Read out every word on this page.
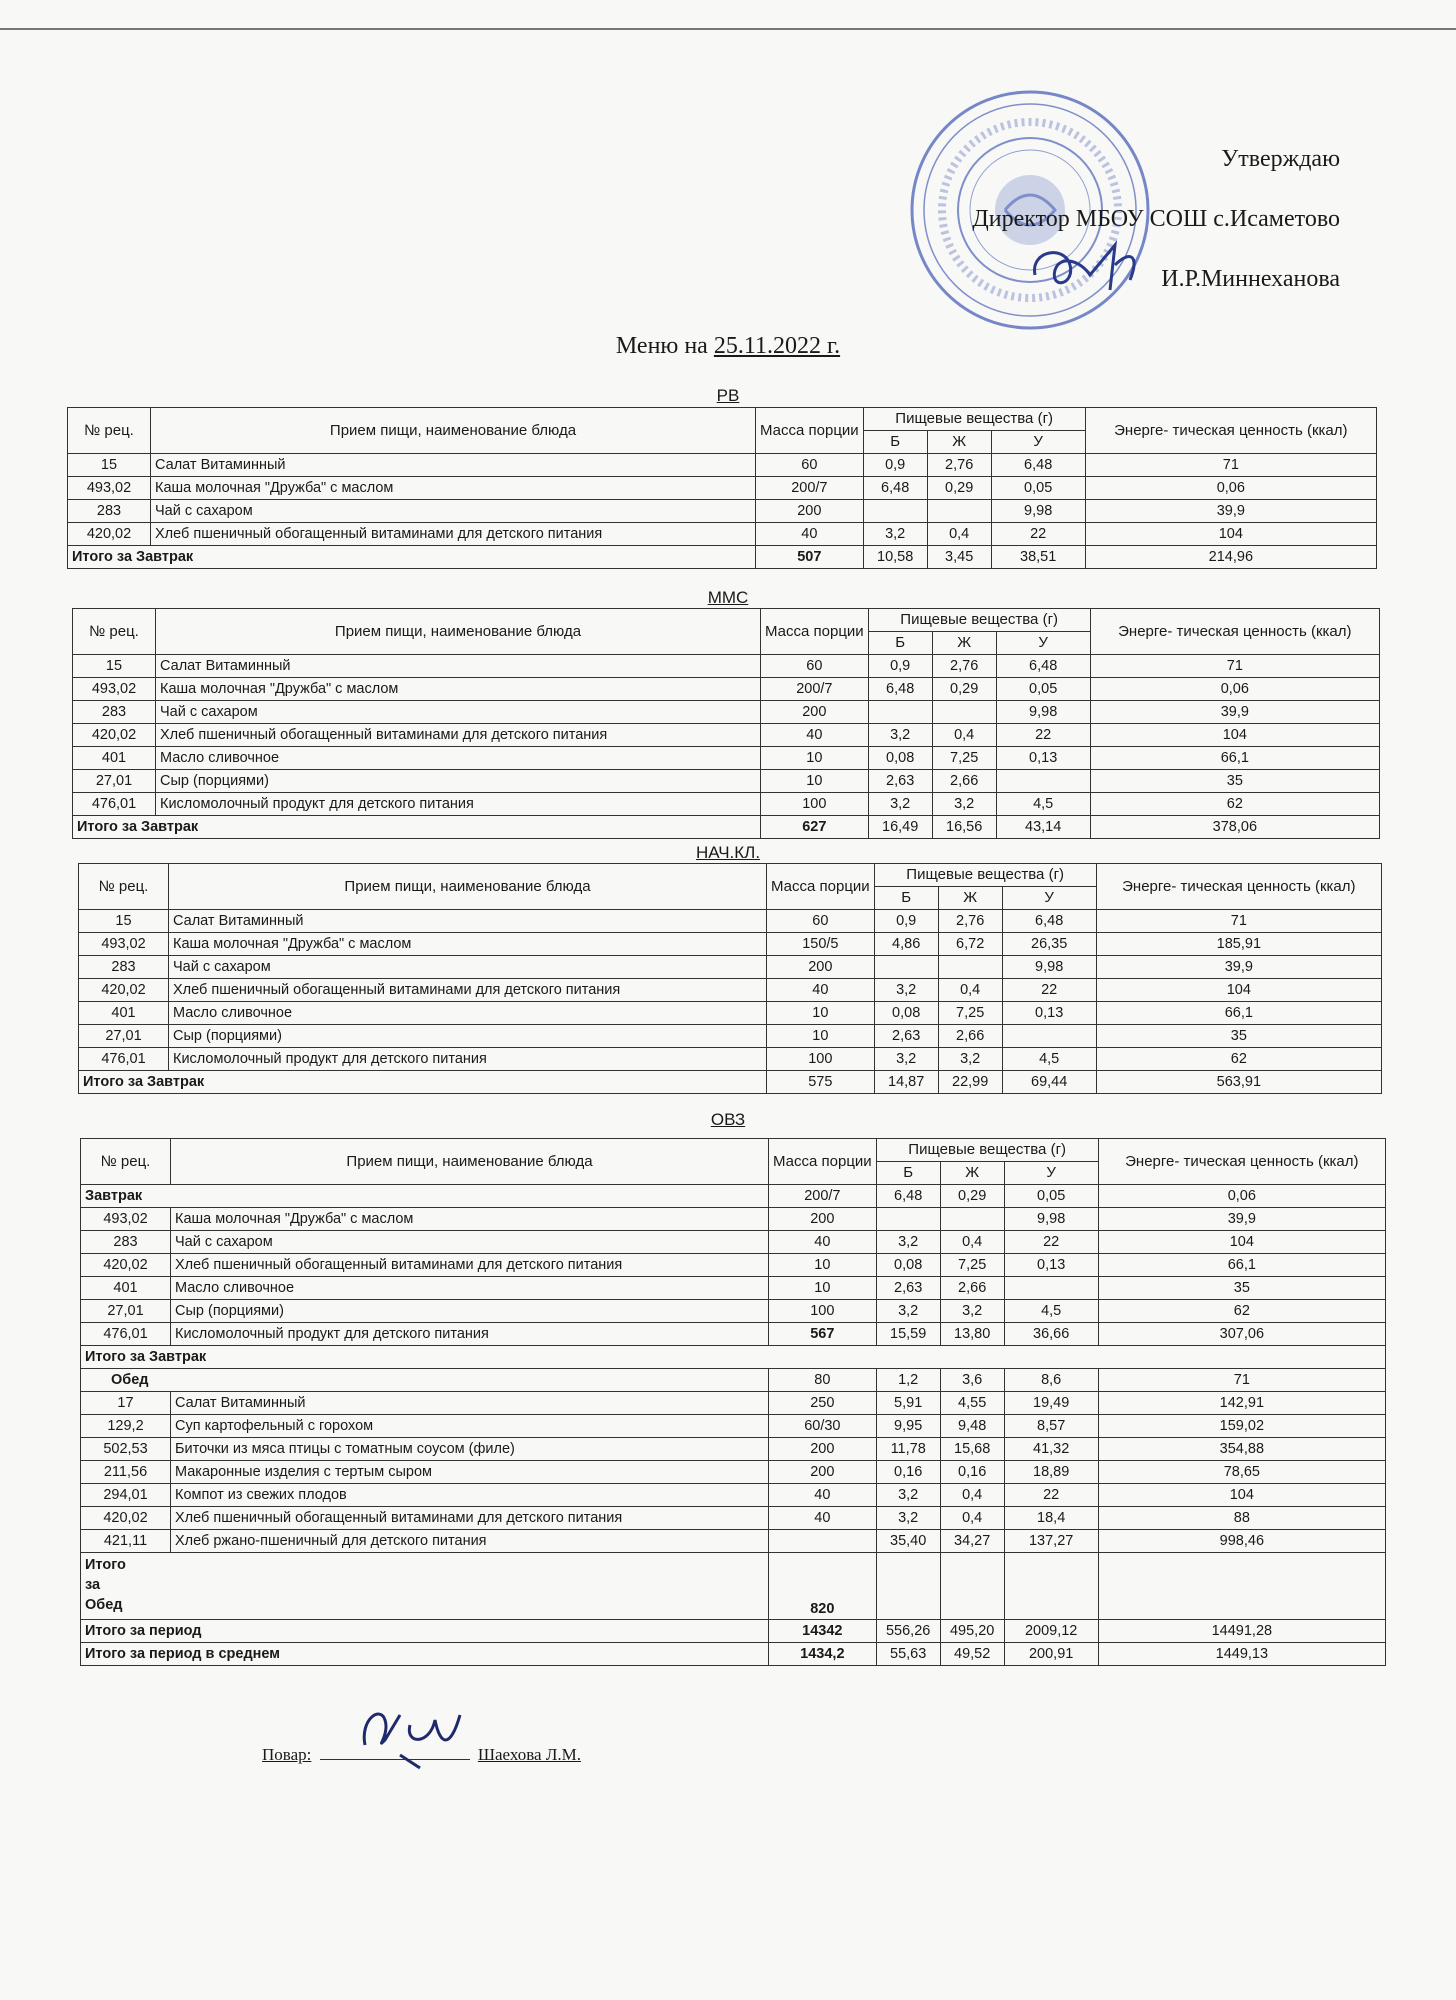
Утверждаю
Директор МБОУ СОШ с.Исаметово
И.Р.Миннеханова
Меню на 25.11.2022 г.
РВ
№ рец.	Прием пищи, наименование блюда	Масса порции	Пищевые вещества (г)			Энерге- тическая ценность (ккал)
			Б	Ж	У	
15	Салат Витаминный	60	0,9	2,76	6,48	71
493,02	Каша молочная "Дружба" с маслом	200/7	6,48	0,29	0,05	0,06
283	Чай с сахаром	200			9,98	39,9
420,02	Хлеб пшеничный обогащенный витаминами для детского питания	40	3,2	0,4	22	104
Итого за Завтрак		507	10,58	3,45	38,51	214,96
ММС
№ рец.	Прием пищи, наименование блюда	Масса порции	Пищевые вещества (г)			Энерге- тическая ценность (ккал)
			Б	Ж	У	
15	Салат Витаминный	60	0,9	2,76	6,48	71
493,02	Каша молочная "Дружба" с маслом	200/7	6,48	0,29	0,05	0,06
283	Чай с сахаром	200			9,98	39,9
420,02	Хлеб пшеничный обогащенный витаминами для детского питания	40	3,2	0,4	22	104
401	Масло сливочное	10	0,08	7,25	0,13	66,1
27,01	Сыр (порциями)	10	2,63	2,66		35
476,01	Кисломолочный продукт для детского питания	100	3,2	3,2	4,5	62
Итого за Завтрак		627	16,49	16,56	43,14	378,06
НАЧ.КЛ.
№ рец.	Прием пищи, наименование блюда	Масса порции	Пищевые вещества (г)			Энерге- тическая ценность (ккал)
			Б	Ж	У	
15	Салат Витаминный	60	0,9	2,76	6,48	71
493,02	Каша молочная "Дружба" с маслом	150/5	4,86	6,72	26,35	185,91
283	Чай с сахаром	200			9,98	39,9
420,02	Хлеб пшеничный обогащенный витаминами для детского питания	40	3,2	0,4	22	104
401	Масло сливочное	10	0,08	7,25	0,13	66,1
27,01	Сыр (порциями)	10	2,63	2,66		35
476,01	Кисломолочный продукт для детского питания	100	3,2	3,2	4,5	62
Итого за Завтрак		575	14,87	22,99	69,44	563,91
ОВЗ
№ рец.	Прием пищи, наименование блюда	Масса порции	Пищевые вещества (г)			Энерге- тическая ценность (ккал)
			Б	Ж	У	
Завтрак		200/7	6,48	0,29	0,05	0,06
493,02	Каша молочная "Дружба" с маслом	200			9,98	39,9
283	Чай с сахаром	40	3,2	0,4	22	104
420,02	Хлеб пшеничный обогащенный витаминами для детского питания	10	0,08	7,25	0,13	66,1
401	Масло сливочное	10	2,63	2,66		35
27,01	Сыр (порциями)	100	3,2	3,2	4,5	62
476,01	Кисломолочный продукт для детского питания	567	15,59	13,80	36,66	307,06
Итого за Завтрак						
Обед		80	1,2	3,6	8,6	71
17	Салат Витаминный	250	5,91	4,55	19,49	142,91
129,2	Суп картофельный с горохом	60/30	9,95	9,48	8,57	159,02
502,53	Биточки из мяса птицы с томатным соусом (филе)	200	11,78	15,68	41,32	354,88
211,56	Макаронные изделия с тертым сыром	200	0,16	0,16	18,89	78,65
294,01	Компот из свежих плодов	40	3,2	0,4	22	104
420,02	Хлеб пшеничный обогащенный витаминами для детского питания	40	3,2	0,4	18,4	88
421,11	Хлеб ржано-пшеничный для детского питания		35,40	34,27	137,27	998,46

Итого
за
Обед		820				
Итого за период		14342	556,26	495,20	2009,12	14491,28
Итого за период в среднем		1434,2	55,63	49,52	200,91	1449,13
Повар:	Шаехова Л.М.
